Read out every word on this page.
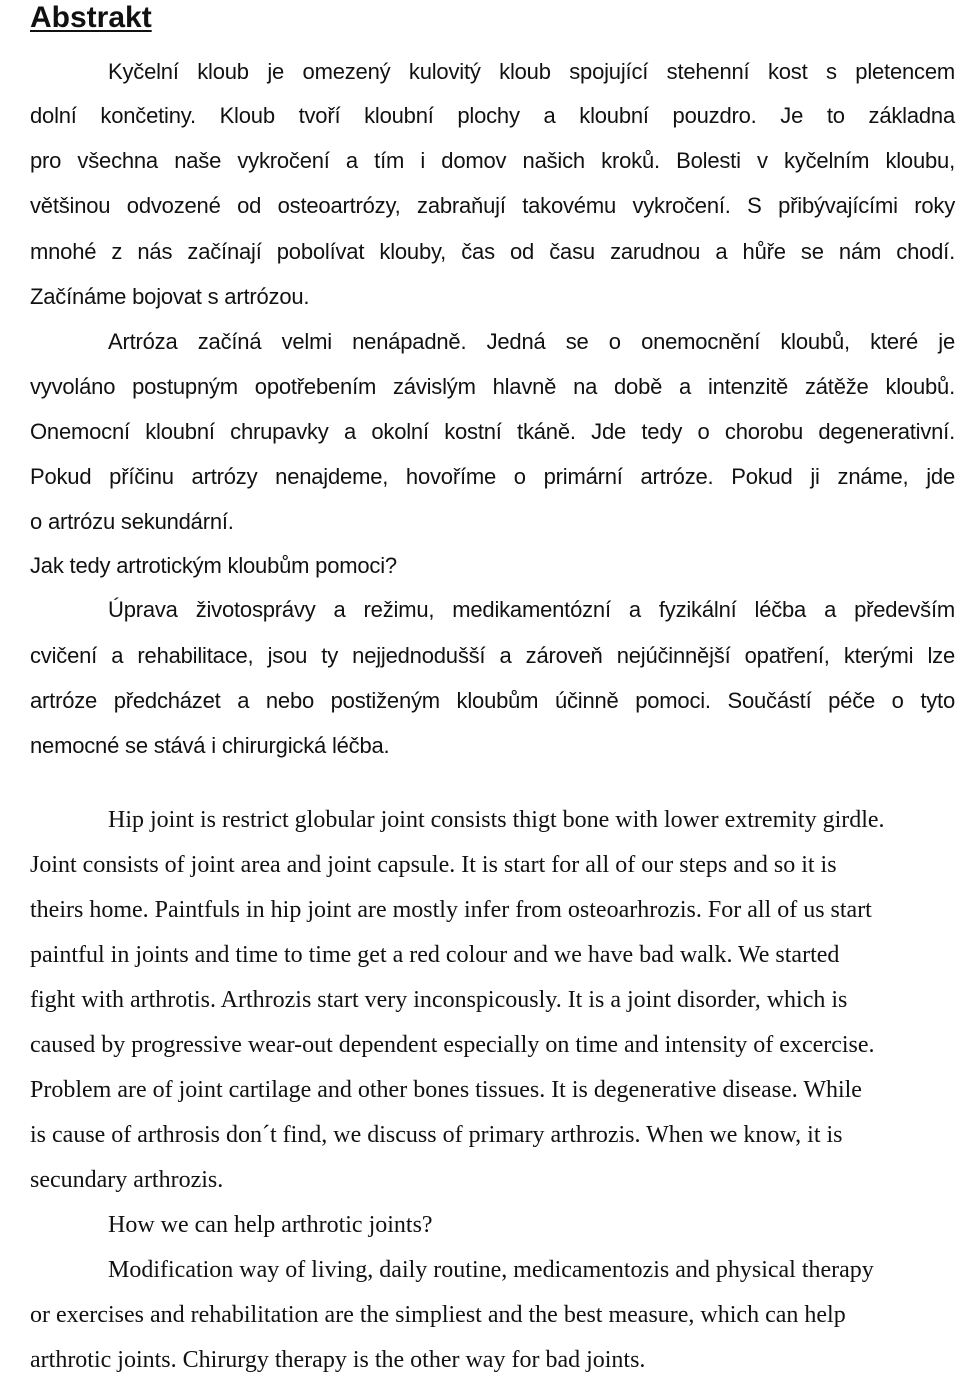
Abstrakt

Kyčelní kloub je omezený kulovitý kloub spojující stehenní kost s pletencem

dolní končetiny. Kloub tvoří kloubní plochy a kloubní pouzdro. Je to základna

pro všechna naše vykročení a tím i domov našich kroků. Bolesti v kyčelním kloubu,

většinou odvozené od osteoartrózy, zabraňují takovému vykročení. S přibývajícími roky

mnohé z nás začínají pobolívat klouby, čas od času zarudnou a hůře se nám chodí.

Začínáme bojovat s artrózou.

Artróza začíná velmi nenápadně. Jedná se o onemocnění kloubů, které je

vyvoláno postupným opotřebením závislým hlavně na době a intenzitě zátěže kloubů.

Onemocní kloubní chrupavky a okolní kostní tkáně. Jde tedy o chorobu degenerativní.

Pokud příčinu artrózy nenajdeme, hovoříme o primární artróze. Pokud ji známe, jde

o artrózu sekundární.

Jak tedy artrotickým kloubům pomoci?

Úprava životosprávy a režimu, medikamentózní a fyzikální léčba a především

cvičení a rehabilitace, jsou ty nejjednodušší a zároveň nejúčinnější opatření, kterými lze

artróze předcházet a nebo postiženým kloubům účinně pomoci. Součástí péče o tyto

nemocné se stává i chirurgická léčba.

Hip joint is restrict globular joint consists thigt bone with lower extremity girdle.

Joint consists of joint area and joint capsule. It is start for all of our steps and so it is

theirs home. Paintfuls in hip joint are mostly infer from osteoarhrozis. For all of us start

paintful in joints and time to time get a red colour and we have bad walk. We started

fight with arthrotis. Arthrozis start very inconspicously. It is a joint disorder, which is

caused by progressive wear-out dependent especially on time and intensity of excercise.

Problem are of joint cartilage and other bones tissues. It is degenerative disease. While

is cause of arthrosis don´t find, we discuss of primary arthrozis. When we know, it is

secundary arthrozis.

How we can help arthrotic joints?

Modification way of living, daily routine, medicamentozis and physical therapy

or exercises and rehabilitation are the simpliest and the best measure, which can help

arthrotic joints. Chirurgy therapy is the other way for bad joints.
